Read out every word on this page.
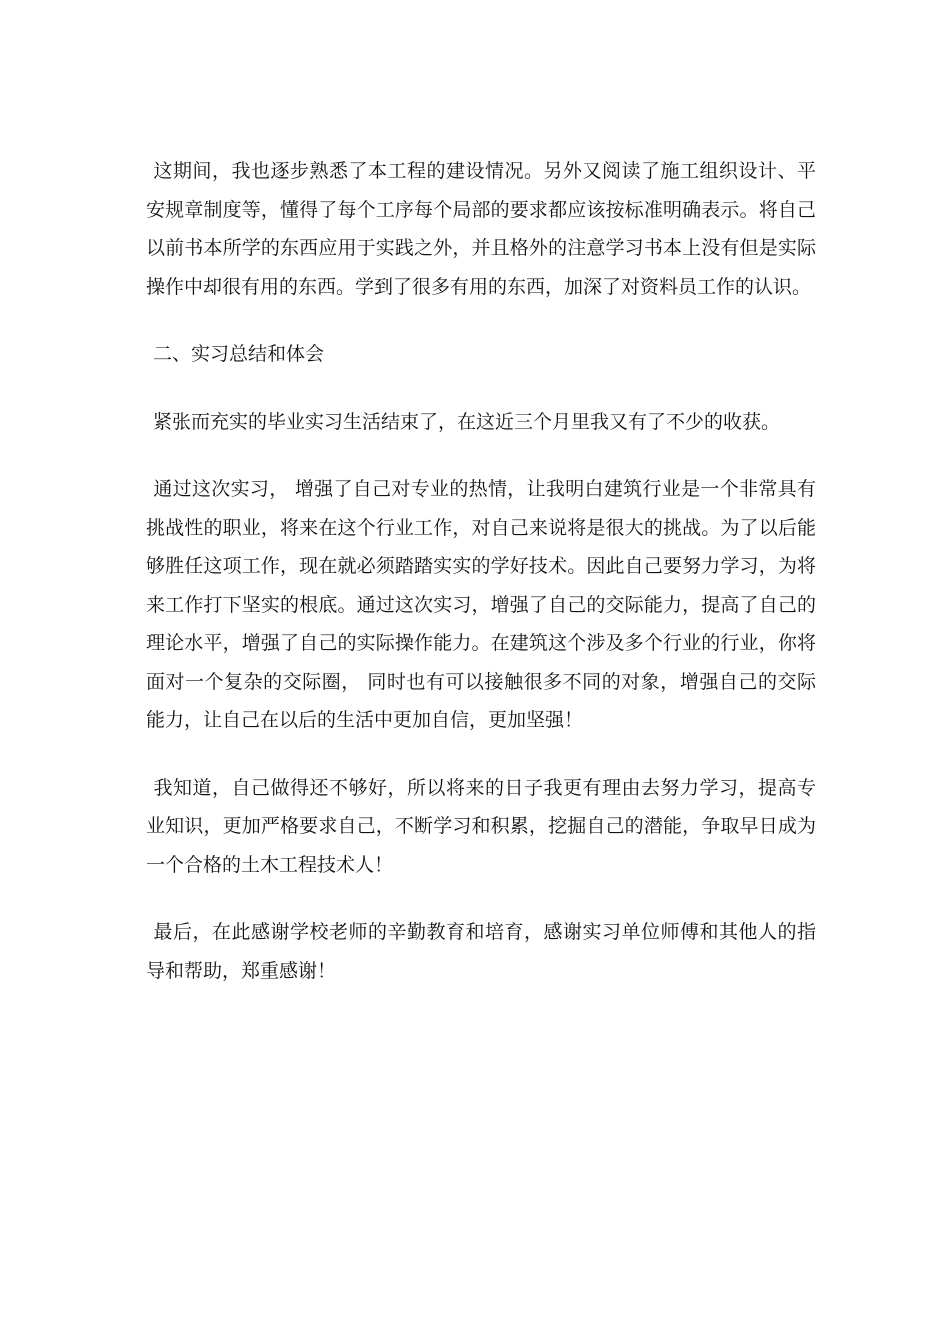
这期间，我也逐步熟悉了本工程的建设情况。另外又阅读了施工组织设计、平安规章制度等，懂得了每个工序每个局部的要求都应该按标准明确表示。将自己以前书本所学的东西应用于实践之外，并且格外的注意学习书本上没有但是实际操作中却很有用的东西。学到了很多有用的东西，加深了对资料员工作的认识。

二、实习总结和体会

紧张而充实的毕业实习生活结束了，在这近三个月里我又有了不少的收获。

通过这次实习， 增强了自己对专业的热情，让我明白建筑行业是一个非常具有挑战性的职业，将来在这个行业工作，对自己来说将是很大的挑战。为了以后能够胜任这项工作，现在就必须踏踏实实的学好技术。因此自己要努力学习，为将来工作打下坚实的根底。通过这次实习，增强了自己的交际能力，提高了自己的理论水平，增强了自己的实际操作能力。在建筑这个涉及多个行业的行业，你将面对一个复杂的交际圈， 同时也有可以接触很多不同的对象，增强自己的交际能力，让自己在以后的生活中更加自信，更加坚强！

我知道，自己做得还不够好，所以将来的日子我更有理由去努力学习，提高专业知识，更加严格要求自己，不断学习和积累，挖掘自己的潜能，争取早日成为一个合格的土木工程技术人！

最后，在此感谢学校老师的辛勤教育和培育，感谢实习单位师傅和其他人的指导和帮助，郑重感谢！
